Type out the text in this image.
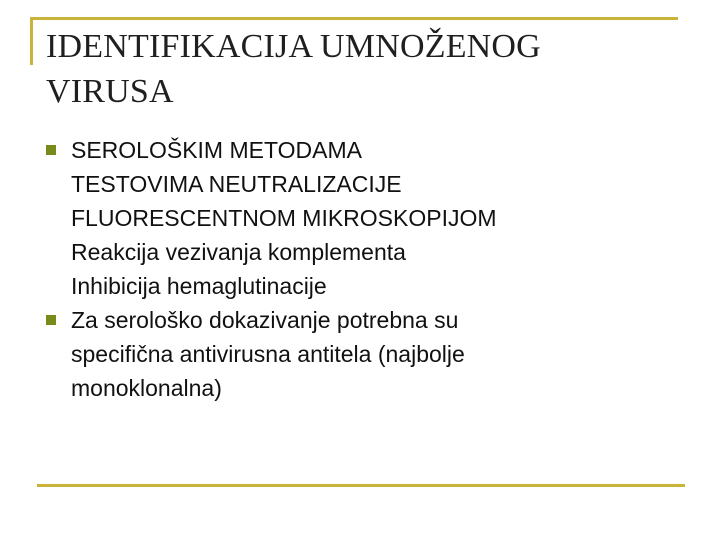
IDENTIFIKACIJA UMNOŽENOG
VIRUSA
SEROLOŠKIM METODAMA
TESTOVIMA NEUTRALIZACIJE
FLUORESCENTNOM MIKROSKOPIJOM
Reakcija vezivanja komplementa
Inhibicija hemaglutinacije
Za serološko dokazivanje potrebna su
specifična antivirusna antitela (najbolje
monoklonalna)
